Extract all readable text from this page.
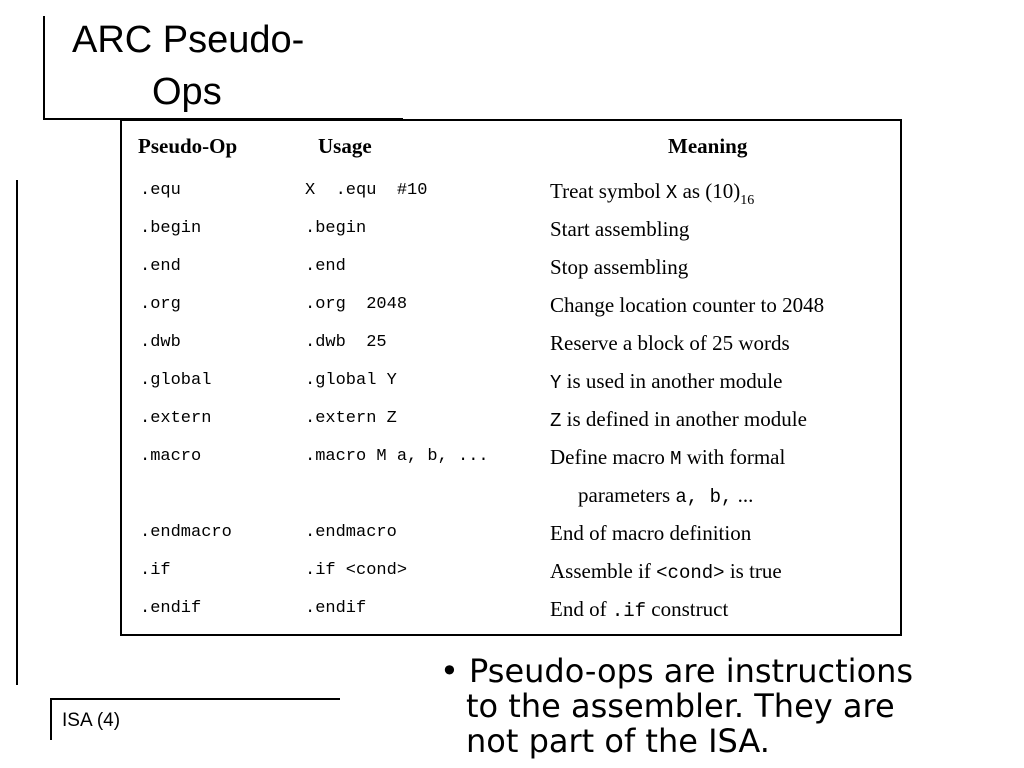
ARC Pseudo-
Ops
Pseudo-Op	Usage	Meaning
.equ	X  .equ  #10	Treat symbol X as $(10)_{16}$
.begin	.begin	Start assembling
.end	.end	Stop assembling
.org	.org  2048	Change location counter to 2048
.dwb	.dwb  25	Reserve a block of 25 words
.global	.global Y	Y is used in another module
.extern	.extern Z	Z is defined in another module
.macro	.macro M a, b, ...	Define macro M with formal
parameters a, b, ...
.endmacro	.endmacro	End of macro definition
.if	.if <cond>	Assemble if <cond> is true
.endif	.endif	End of .if construct
ISA (4)
• Pseudo-ops are instructions
to the assembler. They are
not part of the ISA.
